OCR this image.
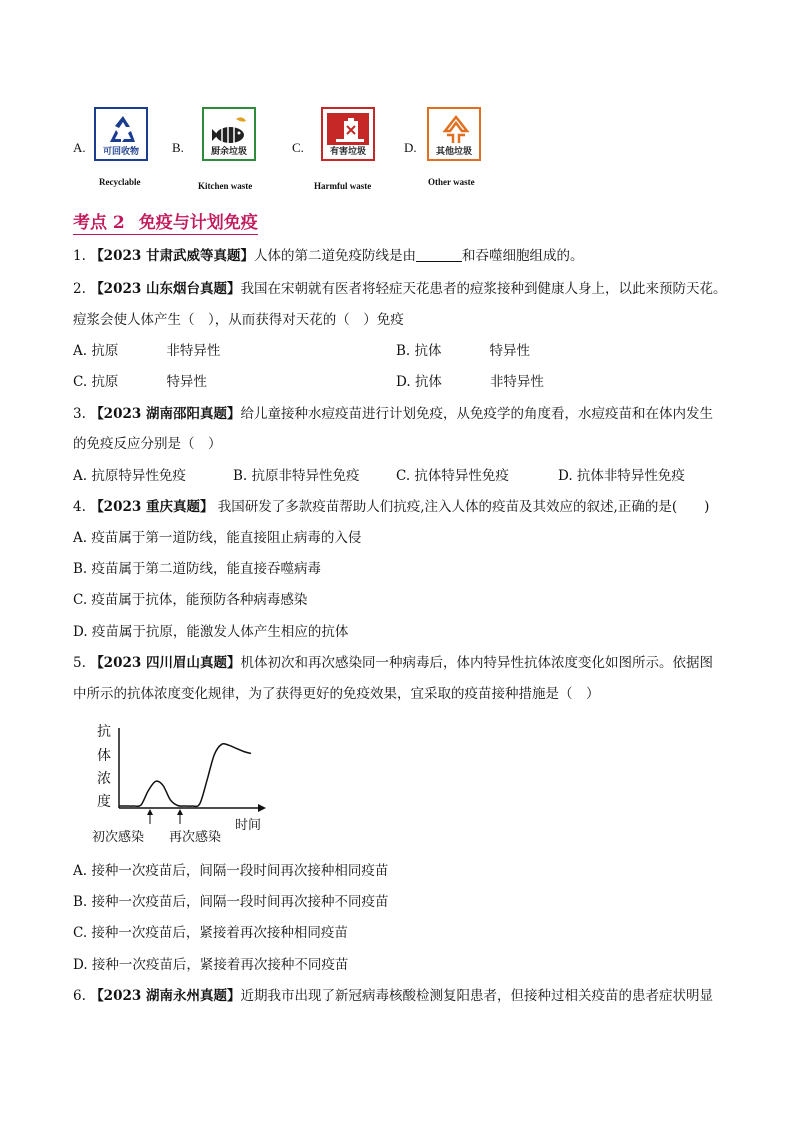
A.	可回收物
Recyclable
B.	厨余垃圾
Kitchen waste
C.	有害垃圾
Harmful waste
D.	其他垃圾
Other waste
考点 2 免疫与计划免疫
1. 【2023 甘肃武威等真题】人体的第二道免疫防线是由	和吞噬细胞组成的。
2. 【2023 山东烟台真题】我国在宋朝就有医者将轻症天花患者的痘浆接种到健康人身上，以此来预防天花。
痘浆会使人体产生（　），从而获得对天花的（　）免疫
A. 抗原	非特异性	B. 抗体	特异性
C. 抗原	特异性	D. 抗体	非特异性
3. 【2023 湖南邵阳真题】给儿童接种水痘疫苗进行计划免疫，从免疫学的角度看，水痘疫苗和在体内发生
的免疫反应分别是（　）
A. 抗原特异性免疫	B. 抗原非特异性免疫	C. 抗体特异性免疫	D. 抗体非特异性免疫
4. 【2023 重庆真题】 我国研发了多款疫苗帮助人们抗疫,注入人体的疫苗及其效应的叙述,正确的是(　　)
A. 疫苗属于第一道防线，能直接阻止病毒的入侵
B. 疫苗属于第二道防线，能直接吞噬病毒
C. 疫苗属于抗体，能预防各种病毒感染
D. 疫苗属于抗原，能激发人体产生相应的抗体
5. 【2023 四川眉山真题】机体初次和再次感染同一种病毒后，体内特异性抗体浓度变化如图所示。依据图
中所示的抗体浓度变化规律，为了获得更好的免疫效果，宜采取的疫苗接种措施是（　）
抗
体
浓
度
初次感染 再次感染
时间
A. 接种一次疫苗后，间隔一段时间再次接种相同疫苗
B. 接种一次疫苗后，间隔一段时间再次接种不同疫苗
C. 接种一次疫苗后，紧接着再次接种相同疫苗
D. 接种一次疫苗后，紧接着再次接种不同疫苗
6. 【2023 湖南永州真题】近期我市出现了新冠病毒核酸检测复阳患者，但接种过相关疫苗的患者症状明显
